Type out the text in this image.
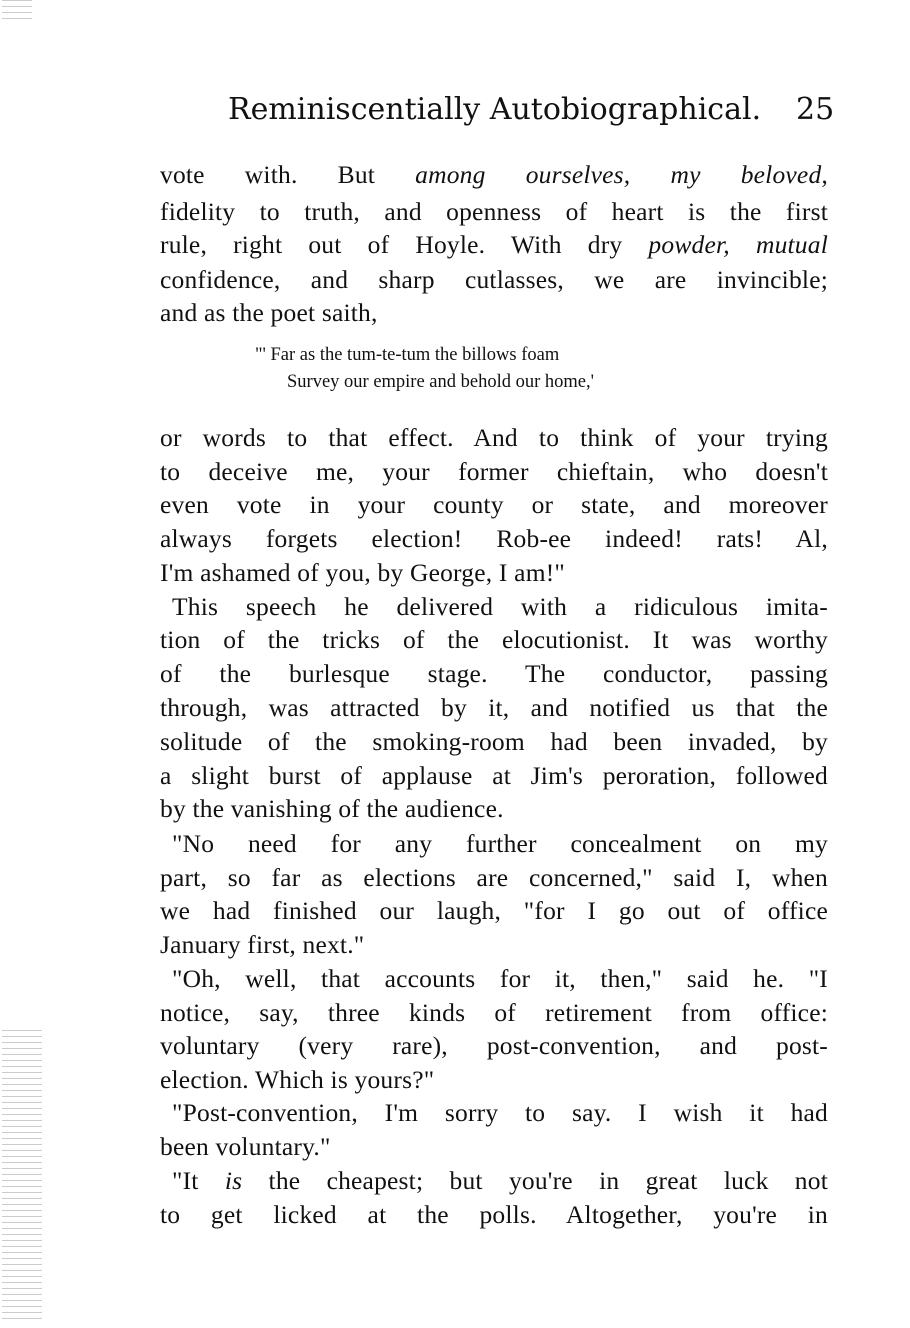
Reminiscentially Autobiographical. 25
vote with. But among ourselves, my beloved,
fidelity to truth, and openness of heart is the first
rule, right out of Hoyle. With dry powder, mutual
confidence, and sharp cutlasses, we are invincible;
and as the poet saith,
"' Far as the tum-te-tum the billows foam
Survey our empire and behold our home,'
or words to that effect. And to think of your trying
to deceive me, your former chieftain, who doesn't
even vote in your county or state, and moreover
always forgets election! Rob-ee indeed! rats! Al,
I'm ashamed of you, by George, I am!"
This speech he delivered with a ridiculous imita-
tion of the tricks of the elocutionist. It was worthy
of the burlesque stage. The conductor, passing
through, was attracted by it, and notified us that the
solitude of the smoking-room had been invaded, by
a slight burst of applause at Jim's peroration, followed
by the vanishing of the audience.
"No need for any further concealment on my
part, so far as elections are concerned," said I, when
we had finished our laugh, "for I go out of office
January first, next."
"Oh, well, that accounts for it, then," said he. "I
notice, say, three kinds of retirement from office:
voluntary (very rare), post-convention, and post-
election. Which is yours?"
"Post-convention, I'm sorry to say. I wish it had
been voluntary."
"It is the cheapest; but you're in great luck not
to get licked at the polls. Altogether, you're in
